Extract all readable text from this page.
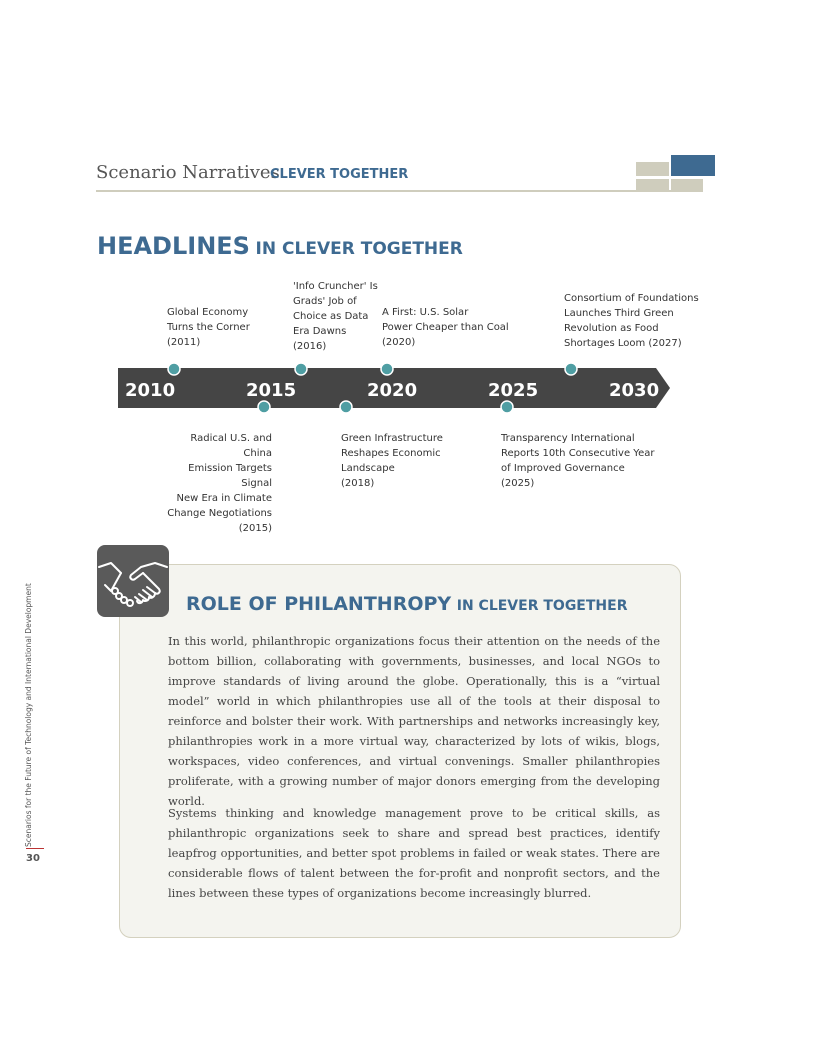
Scenario Narratives
CLEVER TOGETHER
HEADLINES IN CLEVER TOGETHER
2010	2015	2020	2025	2030
Global Economy
Turns the Corner
(2011)
'Info Cruncher' Is
Grads' Job of
Choice as Data
Era Dawns
(2016)
A First: U.S. Solar
Power Cheaper than Coal
(2020)
Consortium of Foundations
Launches Third Green
Revolution as Food
Shortages Loom (2027)
Radical U.S. and China
Emission Targets Signal
New Era in Climate
Change Negotiations
(2015)
Green Infrastructure
Reshapes Economic
Landscape
(2018)
Transparency International
Reports 10th Consecutive Year
of Improved Governance
(2025)
ROLE OF PHILANTHROPY IN CLEVER TOGETHER

In this world, philanthropic organizations focus their attention on the needs of the bottom billion, collaborating with governments, businesses, and local NGOs to improve standards of living around the globe. Operationally, this is a “virtual model” world in which philanthropies use all of the tools at their disposal to reinforce and bolster their work. With partnerships and networks increasingly key, philanthropies work in a more virtual way, characterized by lots of wikis, blogs, workspaces, video conferences, and virtual convenings. Smaller philanthropies proliferate, with a growing number of major donors emerging from the developing world.

Systems thinking and knowledge management prove to be critical skills, as philanthropic organizations seek to share and spread best practices, identify leapfrog opportunities, and better spot problems in failed or weak states. There are considerable flows of talent between the for-profit and nonprofit sectors, and the lines between these types of organizations become increasingly blurred.

Scenarios for the Future of Technology and International Development
30
